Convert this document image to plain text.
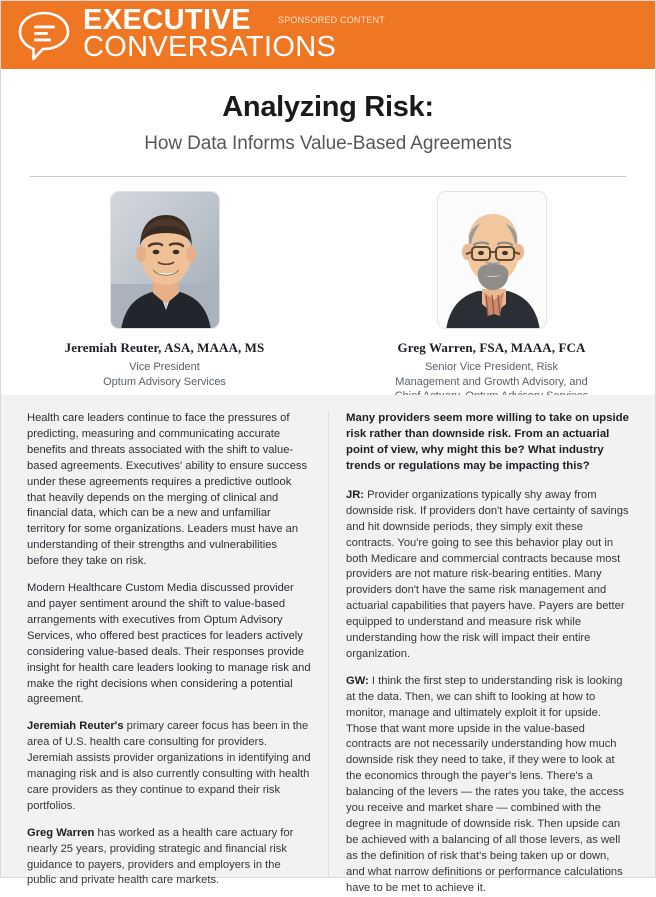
EXECUTIVE
CONVERSATIONS
SPONSORED CONTENT
Analyzing Risk:
How Data Informs Value-Based Agreements
Jeremiah Reuter, ASA, MAAA, MS
Vice President
Optum Advisory Services
Greg Warren, FSA, MAAA, FCA
Senior Vice President, Risk
Management and Growth Advisory, and

Health care leaders continue to face the pressures of predicting, measuring and communicating accurate benefits and threats associated with the shift to value-based agreements. Executives' ability to ensure success under these agreements requires a predictive outlook that heavily depends on the merging of clinical and financial data, which can be a new and unfamiliar territory for some organizations. Leaders must have an understanding of their strengths and vulnerabilities before they take on risk.

Modern Healthcare Custom Media discussed provider and payer sentiment around the shift to value-based arrangements with executives from Optum Advisory Services, who offered best practices for leaders actively considering value-based deals. Their responses provide insight for health care leaders looking to manage risk and make the right decisions when considering a potential agreement.

Jeremiah Reuter's primary career focus has been in the area of U.S. health care consulting for providers. Jeremiah assists provider organizations in identifying and managing risk and is also currently consulting with health care providers as they continue to expand their risk portfolios.

Greg Warren has worked as a health care actuary for nearly 25 years, providing strategic and financial risk guidance to payers, providers and employers in the public and private health care markets.

Many providers seem more willing to take on upside risk rather than downside risk. From an actuarial point of view, why might this be? What industry trends or regulations may be impacting this?

JR: Provider organizations typically shy away from downside risk. If providers don't have certainty of savings and hit downside periods, they simply exit these contracts. You're going to see this behavior play out in both Medicare and commercial contracts because most providers are not mature risk-bearing entities. Many providers don't have the same risk management and actuarial capabilities that payers have. Payers are better equipped to understand and measure risk while understanding how the risk will impact their entire organization.

GW: I think the first step to understanding risk is looking at the data. Then, we can shift to looking at how to monitor, manage and ultimately exploit it for upside. Those that want more upside in the value-based contracts are not necessarily understanding how much downside risk they need to take, if they were to look at the economics through the payer's lens. There's a balancing of the levers — the rates you take, the access you receive and market share — combined with the degree in magnitude of downside risk. Then upside can be achieved with a balancing of all those levers, as well as the definition of risk that's being taken up or down, and what narrow definitions or performance calculations have to be met to achieve it.
